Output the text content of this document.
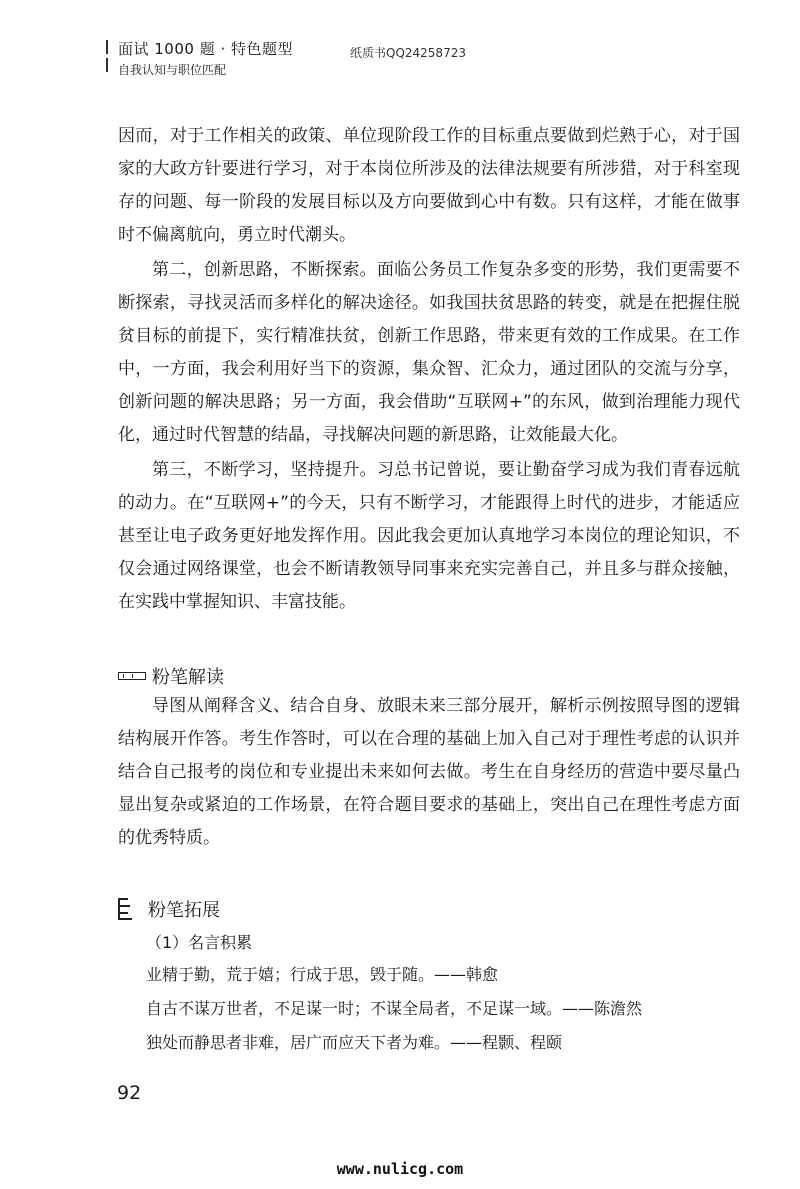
面试 1000 题 · 特色题型
自我认知与职位匹配
纸质书QQ24258723

因而，对于工作相关的政策、单位现阶段工作的目标重点要做到烂熟于心，对于国家的大政方针要进行学习，对于本岗位所涉及的法律法规要有所涉猎，对于科室现存的问题、每一阶段的发展目标以及方向要做到心中有数。只有这样，才能在做事时不偏离航向，勇立时代潮头。

第二，创新思路，不断探索。面临公务员工作复杂多变的形势，我们更需要不断探索，寻找灵活而多样化的解决途径。如我国扶贫思路的转变，就是在把握住脱贫目标的前提下，实行精准扶贫，创新工作思路，带来更有效的工作成果。在工作中，一方面，我会利用好当下的资源，集众智、汇众力，通过团队的交流与分享，创新问题的解决思路；另一方面，我会借助“互联网+”的东风，做到治理能力现代化，通过时代智慧的结晶，寻找解决问题的新思路，让效能最大化。

第三，不断学习，坚持提升。习总书记曾说，要让勤奋学习成为我们青春远航的动力。在“互联网+”的今天，只有不断学习，才能跟得上时代的进步，才能适应甚至让电子政务更好地发挥作用。因此我会更加认真地学习本岗位的理论知识，不仅会通过网络课堂，也会不断请教领导同事来充实完善自己，并且多与群众接触，在实践中掌握知识、丰富技能。

粉笔解读

导图从阐释含义、结合自身、放眼未来三部分展开，解析示例按照导图的逻辑结构展开作答。考生作答时，可以在合理的基础上加入自己对于理性考虑的认识并结合自己报考的岗位和专业提出未来如何去做。考生在自身经历的营造中要尽量凸显出复杂或紧迫的工作场景，在符合题目要求的基础上，突出自己在理性考虑方面的优秀特质。

粉笔拓展
（1）名言积累
业精于勤，荒于嬉；行成于思，毁于随。——韩愈
自古不谋万世者，不足谋一时；不谋全局者，不足谋一域。——陈澹然
独处而静思者非难，居广而应天下者为难。——程颢、程颐
92
www.nulicg.com
